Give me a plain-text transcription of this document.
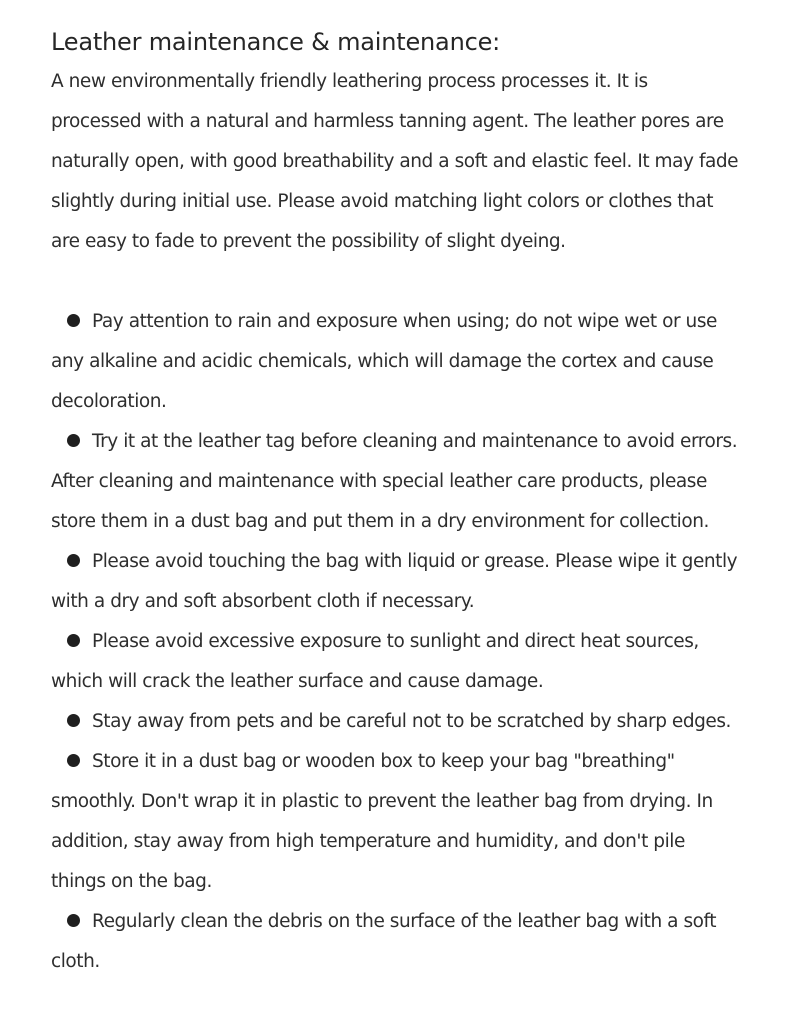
Leather maintenance & maintenance:

A new environmentally friendly leathering process processes it. It is processed with a natural and harmless tanning agent. The leather pores are naturally open, with good breathability and a soft and elastic feel. It may fade slightly during initial use. Please avoid matching light colors or clothes that are easy to fade to prevent the possibility of slight dyeing.

Pay attention to rain and exposure when using; do not wipe wet or use any alkaline and acidic chemicals, which will damage the cortex and cause decoloration.

Try it at the leather tag before cleaning and maintenance to avoid errors. After cleaning and maintenance with special leather care products, please store them in a dust bag and put them in a dry environment for collection.

Please avoid touching the bag with liquid or grease. Please wipe it gently with a dry and soft absorbent cloth if necessary.

Please avoid excessive exposure to sunlight and direct heat sources, which will crack the leather surface and cause damage.

Stay away from pets and be careful not to be scratched by sharp edges.

Store it in a dust bag or wooden box to keep your bag "breathing" smoothly. Don't wrap it in plastic to prevent the leather bag from drying. In addition, stay away from high temperature and humidity, and don't pile things on the bag.

Regularly clean the debris on the surface of the leather bag with a soft cloth.
